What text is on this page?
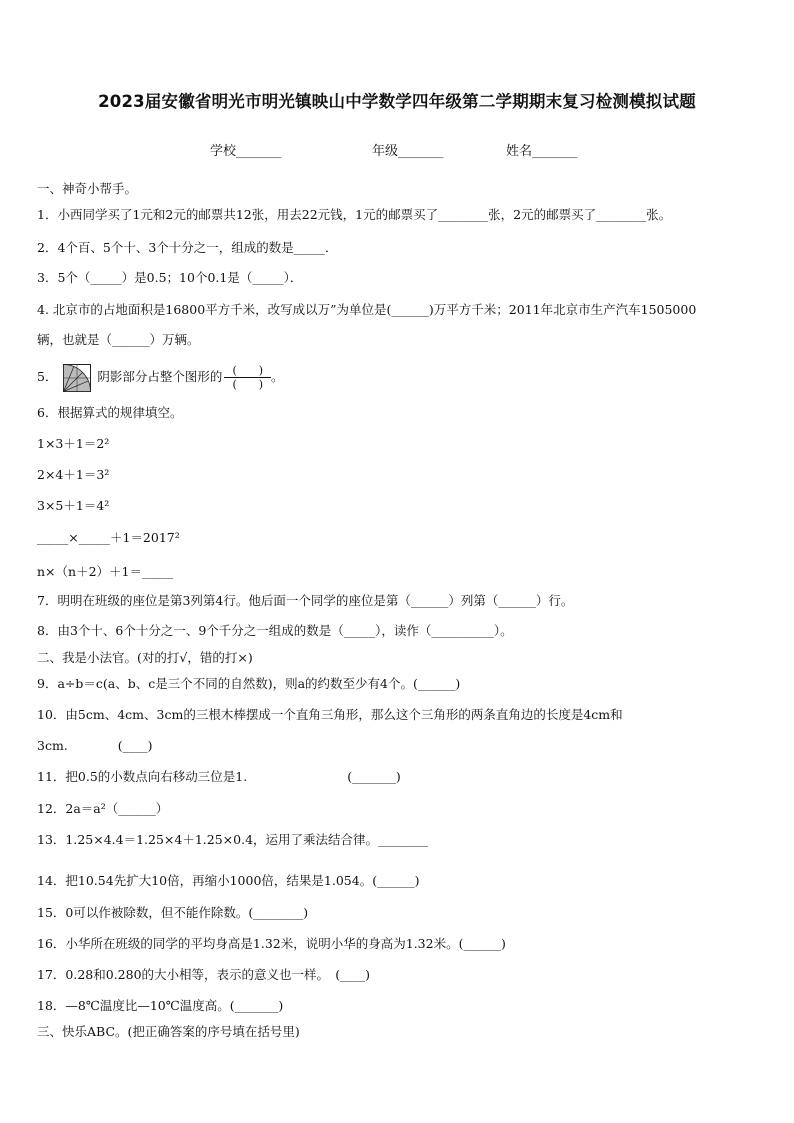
2023届安徽省明光市明光镇映山中学数学四年级第二学期期末复习检测模拟试题
学校_______	年级_______	姓名_______
一、神奇小帮手。
1．小西同学买了1元和2元的邮票共12张，用去22元钱，1元的邮票买了________张，2元的邮票买了________张。
2．4个百、5个十、3个十分之一，组成的数是_____．
3．5个（_____）是0.5；10个0.1是（_____）．
4. 北京市的占地面积是16800平方千米，改写成以万”为单位是(______)万平方千米；2011年北京市生产汽车1505000
辆，也就是（______）万辆。
5．	阴影部分占整个图形的 $\frac{( )}{( )}$ 。
6．根据算式的规律填空。
1×3＋1＝2²
2×4＋1＝3²
3×5＋1＝4²
_____×_____＋1＝2017²
n×（n＋2）＋1＝_____
7．明明在班级的座位是第3列第4行。他后面一个同学的座位是第（______）列第（______）行。
8．由3个十、6个十分之一、9个千分之一组成的数是（_____），读作（__________）。
二、我是小法官。(对的打√，错的打×)
9．a÷b＝c(a、b、c是三个不同的自然数)，则a的约数至少有4个。(______)
10．由5cm、4cm、3cm的三根木棒摆成一个直角三角形，那么这个三角形的两条直角边的长度是4cm和
3cm.　　　　(____)
11．把0.5的小数点向右移动三位是1.　　　　　　　　(_______)
12．2a＝a²（______）
13．1.25×4.4＝1.25×4＋1.25×0.4，运用了乘法结合律。________
14．把10.54先扩大10倍，再缩小1000倍，结果是1.054。(______)
15．0可以作被除数，但不能作除数。(________)
16．小华所在班级的同学的平均身高是1.32米，说明小华的身高为1.32米。(______)
17．0.28和0.280的大小相等，表示的意义也一样。　(____)
18．—8℃温度比—10℃温度高。(_______)
三、快乐ABC。(把正确答案的序号填在括号里)
